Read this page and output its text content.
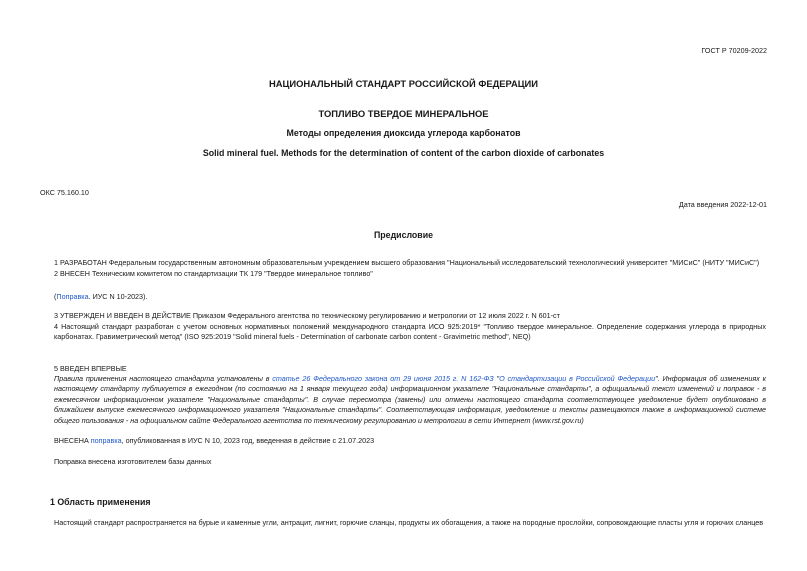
ГОСТ Р 70209-2022
НАЦИОНАЛЬНЫЙ СТАНДАРТ РОССИЙСКОЙ ФЕДЕРАЦИИ
ТОПЛИВО ТВЕРДОЕ МИНЕРАЛЬНОЕ
Методы определения диоксида углерода карбонатов
Solid mineral fuel. Methods for the determination of content of the carbon dioxide of carbonates
ОКС 75.160.10
Дата введения 2022-12-01
Предисловие
1 РАЗРАБОТАН Федеральным государственным автономным образовательным учреждением высшего образования "Национальный исследовательский технологический университет "МИСиС" (НИТУ "МИСиС")
2 ВНЕСЕН Техническим комитетом по стандартизации ТК 179 "Твердое минеральное топливо"
(Поправка. ИУС N 10-2023).
3 УТВЕРЖДЕН И ВВЕДЕН В ДЕЙСТВИЕ Приказом Федерального агентства по техническому регулированию и метрологии от 12 июля 2022 г. N 601-ст
4 Настоящий стандарт разработан с учетом основных нормативных положений международного стандарта ИСО 925:2019* "Топливо твердое минеральное. Определение содержания углерода в природных карбонатах. Гравиметрический метод" (ISO 925:2019 "Solid mineral fuels - Determination of carbonate carbon content - Gravimetric method", NEQ)
5 ВВЕДЕН ВПЕРВЫЕ
Правила применения настоящего стандарта установлены в статье 26 Федерального закона от 29 июня 2015 г. N 162-ФЗ "О стандартизации в Российской Федерации". Информация об изменениях к настоящему стандарту публикуется в ежегодном (по состоянию на 1 января текущего года) информационном указателе "Национальные стандарты", а официальный текст изменений и поправок - в ежемесячном информационном указателе "Национальные стандарты". В случае пересмотра (замены) или отмены настоящего стандарта соответствующее уведомление будет опубликовано в ближайшем выпуске ежемесячного информационного указателя "Национальные стандарты". Соответствующая информация, уведомление и тексты размещаются также в информационной системе общего пользования - на официальном сайте Федерального агентства по техническому регулированию и метрологии в сети Интернет (www.rst.gov.ru)
ВНЕСЕНА поправка, опубликованная в ИУС N 10, 2023 год, введенная в действие с 21.07.2023
Поправка внесена изготовителем базы данных
1 Область применения
Настоящий стандарт распространяется на бурые и каменные угли, антрацит, лигнит, горючие сланцы, продукты их обогащения, а также на породные прослойки, сопровождающие пласты угля и горючих сланцев
